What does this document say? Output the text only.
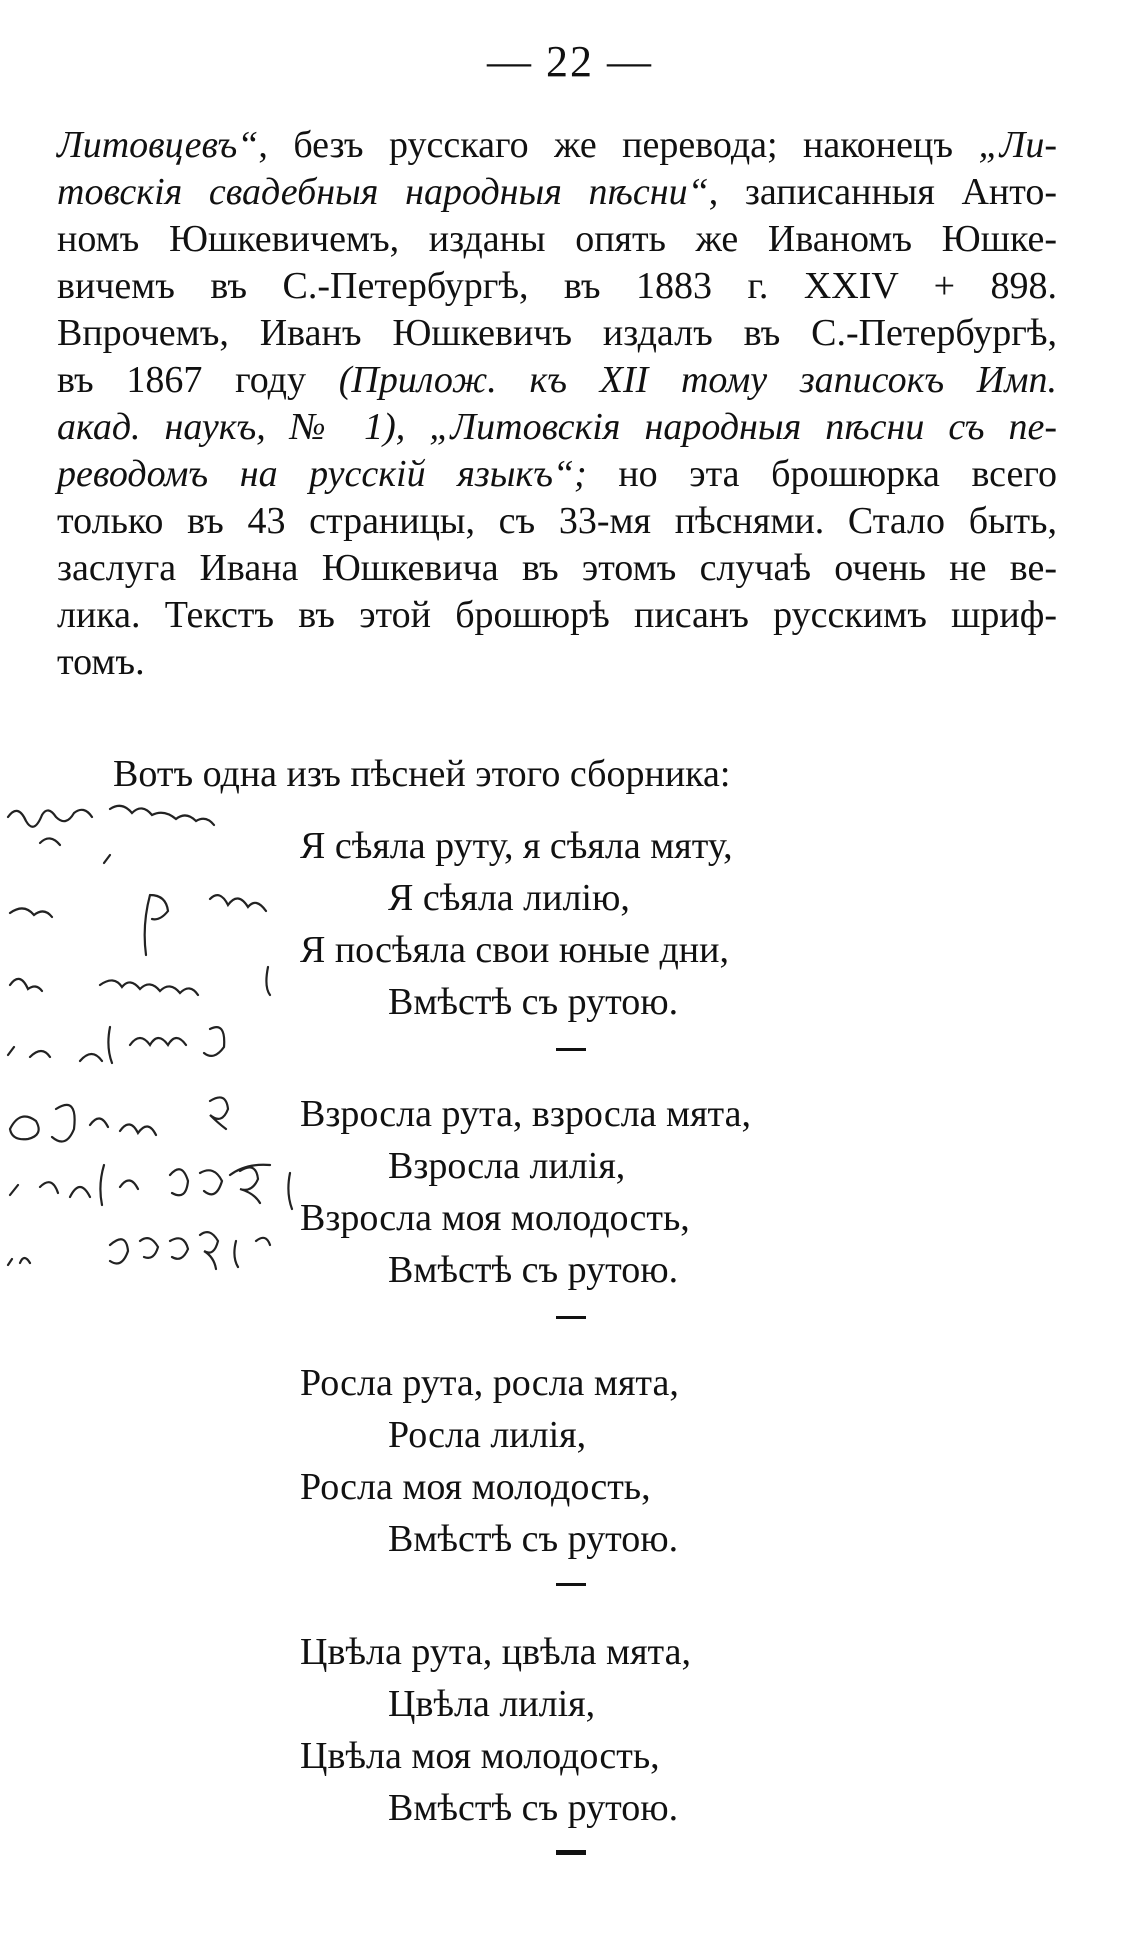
— 22 —
Литовцевъ“, безъ русскаго же перевода; наконецъ „Ли-
товскія свадебныя народныя пѣсни“, записанныя Анто-
номъ Юшкевичемъ, изданы опять же Иваномъ Юшке-
вичемъ въ С.-Петербургѣ, въ 1883 г. XXIV + 898.
Впрочемъ, Иванъ Юшкевичъ издалъ въ С.-Петербургѣ,
въ 1867 году (Прилож. къ XII тому записокъ Имп.
акад. наукъ, № 1), „Литовскія народныя пѣсни съ пе-
реводомъ на русскій языкъ“; но эта брошюрка всего
только въ 43 страницы, съ 33-мя пѣснями. Стало быть,
заслуга Ивана Юшкевича въ этомъ случаѣ очень не ве-
лика. Текстъ въ этой брошюрѣ писанъ русскимъ шриф-
томъ.
Вотъ одна изъ пѣсней этого сборника:
Я сѣяла руту, я сѣяла мяту,
Я сѣяла лилію,
Я посѣяла свои юные дни,
Вмѣстѣ съ рутою.
Взросла рута, взросла мята,
Взросла лилія,
Взросла моя молодость,
Вмѣстѣ съ рутою.
Росла рута, росла мята,
Росла лилія,
Росла моя молодость,
Вмѣстѣ съ рутою.
Цвѣла рута, цвѣла мята,
Цвѣла лилія,
Цвѣла моя молодость,
Вмѣстѣ съ рутою.
